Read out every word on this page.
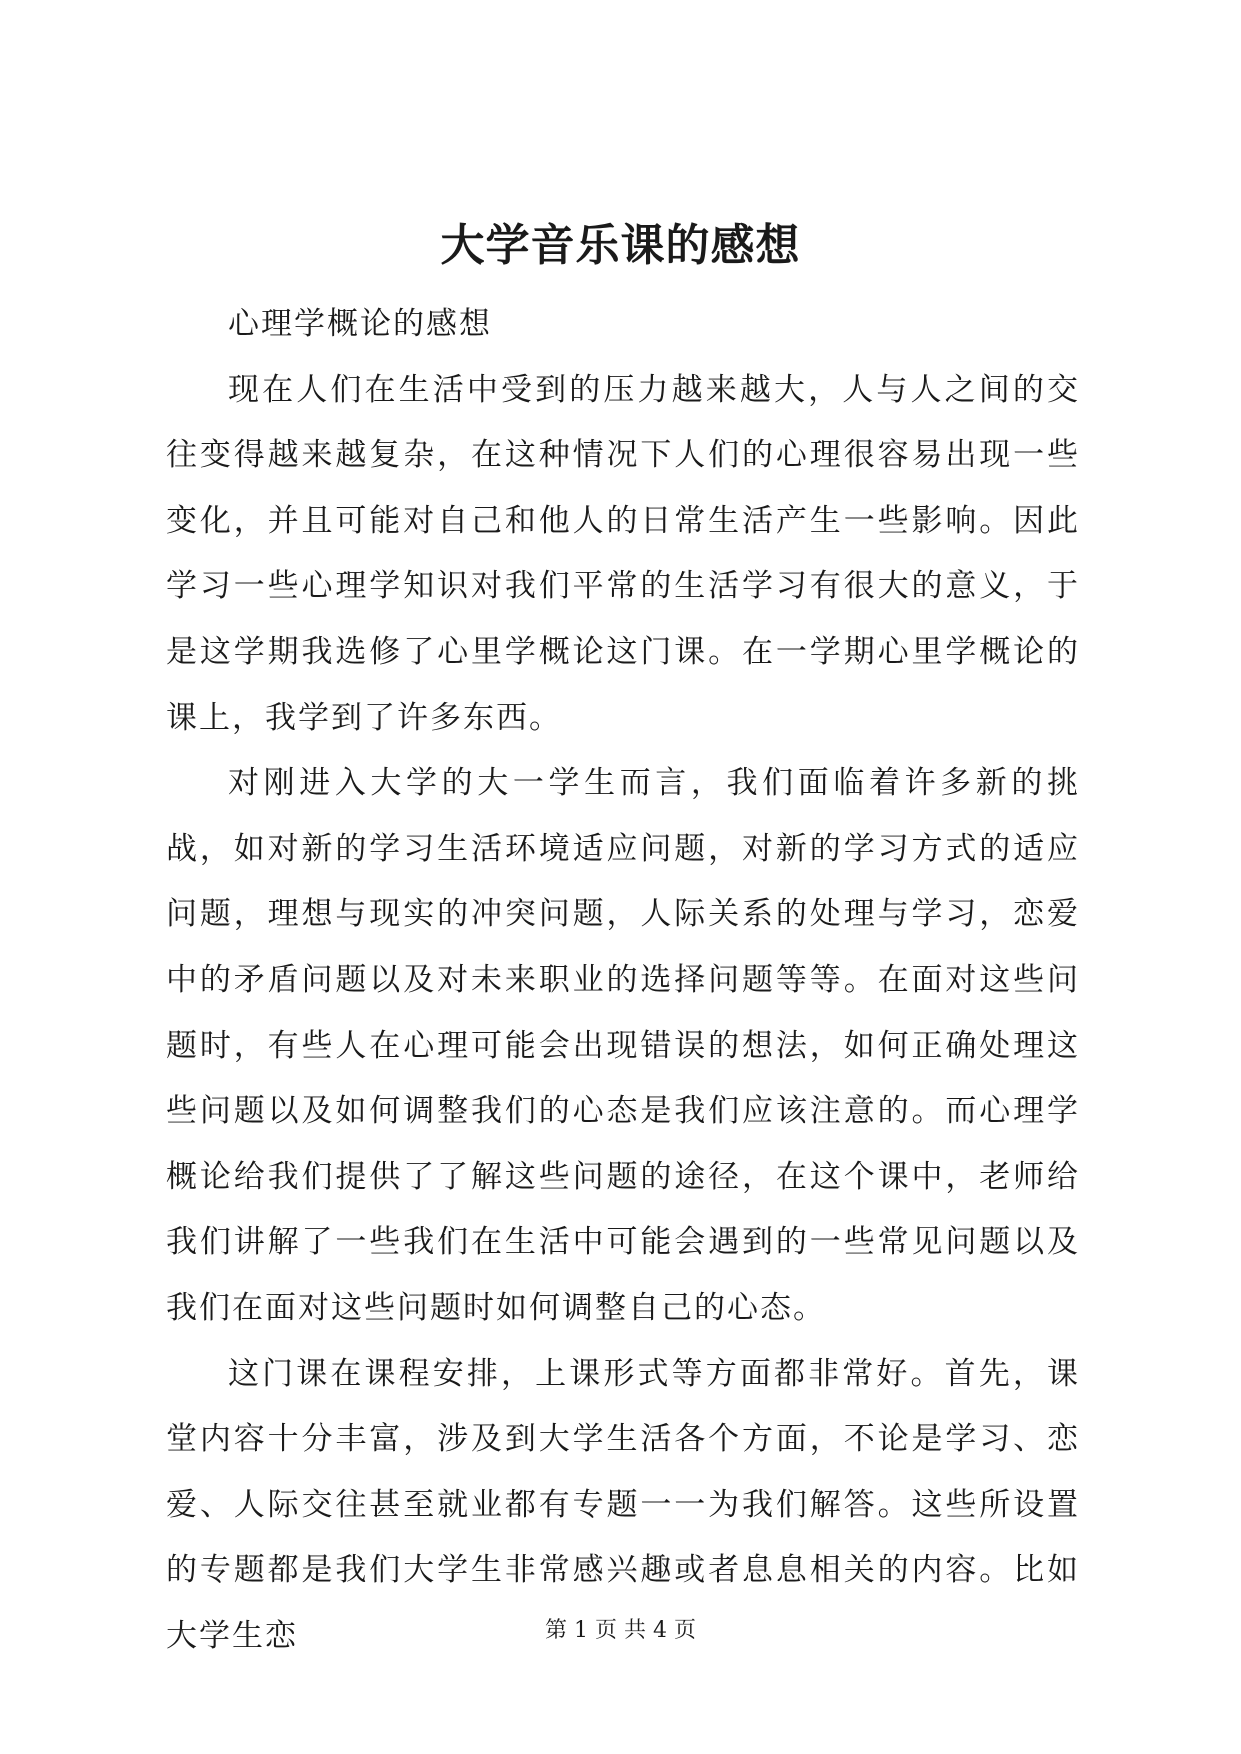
大学音乐课的感想

心理学概论的感想

现在人们在生活中受到的压力越来越大，人与人之间的交往变得越来越复杂，在这种情况下人们的心理很容易出现一些变化，并且可能对自己和他人的日常生活产生一些影响。因此学习一些心理学知识对我们平常的生活学习有很大的意义，于是这学期我选修了心里学概论这门课。在一学期心里学概论的课上，我学到了许多东西。

对刚进入大学的大一学生而言，我们面临着许多新的挑战，如对新的学习生活环境适应问题，对新的学习方式的适应问题，理想与现实的冲突问题，人际关系的处理与学习，恋爱中的矛盾问题以及对未来职业的选择问题等等。在面对这些问题时，有些人在心理可能会出现错误的想法，如何正确处理这些问题以及如何调整我们的心态是我们应该注意的。而心理学概论给我们提供了了解这些问题的途径，在这个课中，老师给我们讲解了一些我们在生活中可能会遇到的一些常见问题以及我们在面对这些问题时如何调整自己的心态。

这门课在课程安排，上课形式等方面都非常好。首先，课堂内容十分丰富，涉及到大学生活各个方面，不论是学习、恋爱、人际交往甚至就业都有专题一一为我们解答。这些所设置的专题都是我们大学生非常感兴趣或者息息相关的内容。比如大学生恋	第 1 页 共 4 页
